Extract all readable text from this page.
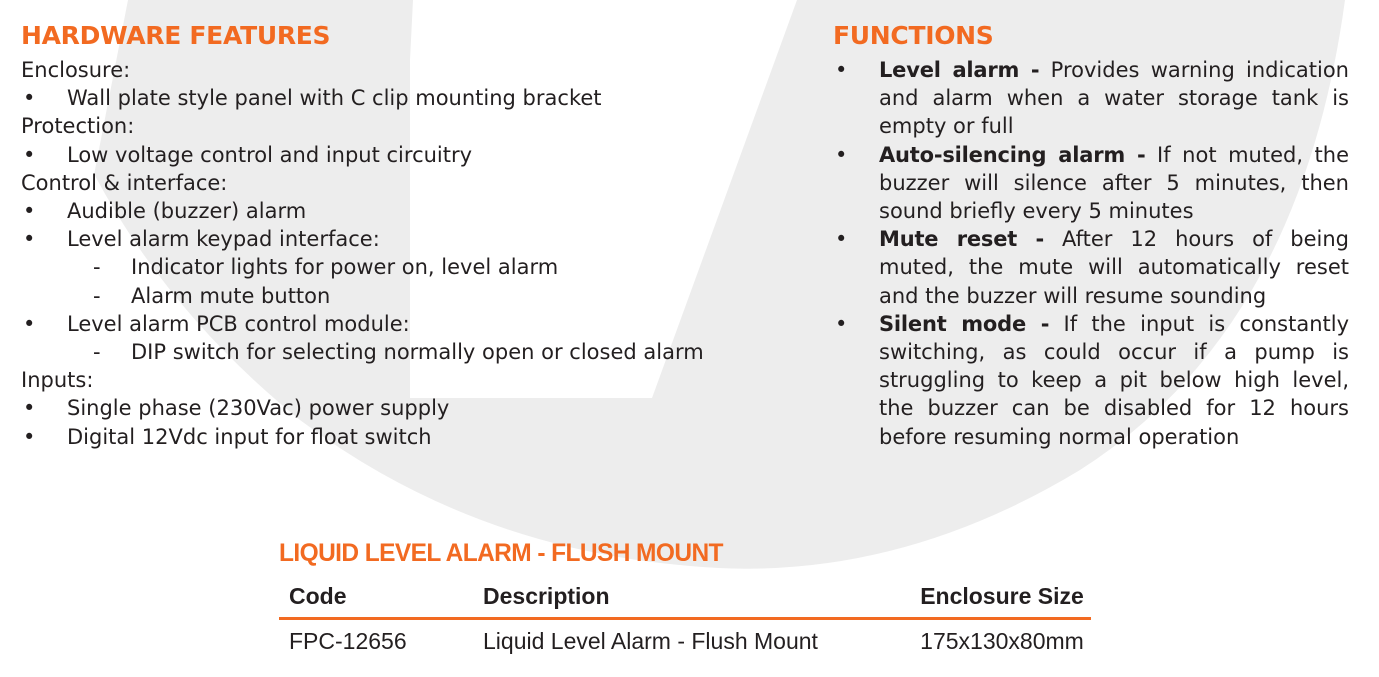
HARDWARE FEATURES
Enclosure:
•	Wall plate style panel with C clip mounting bracket
Protection:
•	Low voltage control and input circuitry
Control & interface:
•	Audible (buzzer) alarm
•	Level alarm keypad interface:
-	Indicator lights for power on, level alarm
-	Alarm mute button
•	Level alarm PCB control module:
-	DIP switch for selecting normally open or closed alarm
Inputs:
•	Single phase (230Vac) power supply
•	Digital 12Vdc input for float switch
FUNCTIONS
•	Level alarm - Provides warning indication and alarm when a water storage tank is empty or full
•	Auto-silencing alarm - If not muted, the buzzer will silence after 5 minutes, then sound briefly every 5 minutes
•	Mute reset - After 12 hours of being muted, the mute will automatically reset and the buzzer will resume sounding
•	Silent mode - If the input is constantly switching, as could occur if a pump is struggling to keep a pit below high level, the buzzer can be disabled for 12 hours before resuming normal operation
LIQUID LEVEL ALARM - FLUSH MOUNT
Code	Description	Enclosure Size
FPC-12656	Liquid Level Alarm - Flush Mount	175x130x80mm
